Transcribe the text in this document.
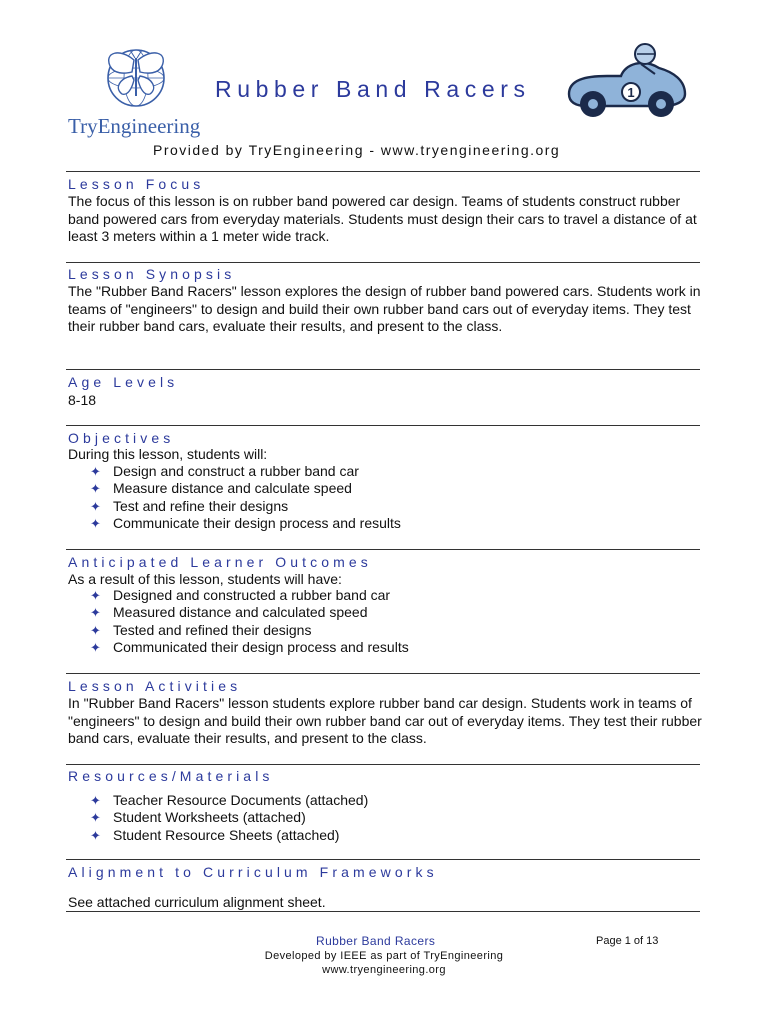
TryEngineering
Rubber Band Racers	1
Provided by TryEngineering - www.tryengineering.org
Lesson Focus
The focus of this lesson is on rubber band powered car design. Teams of students construct rubber band powered cars from everyday materials. Students must design their cars to travel a distance of at least 3 meters within a 1 meter wide track.
Lesson Synopsis
The "Rubber Band Racers" lesson explores the design of rubber band powered cars. Students work in teams of "engineers" to design and build their own rubber band cars out of everyday items. They test their rubber band cars, evaluate their results, and present to the class.
Age Levels
8-18
Objectives
During this lesson, students will:
✦ Design and construct a rubber band car
✦ Measure distance and calculate speed
✦ Test and refine their designs
✦ Communicate their design process and results
Anticipated Learner Outcomes
As a result of this lesson, students will have:
✦ Designed and constructed a rubber band car
✦ Measured distance and calculated speed
✦ Tested and refined their designs
✦ Communicated their design process and results
Lesson Activities
In "Rubber Band Racers" lesson students explore rubber band car design. Students work in teams of "engineers" to design and build their own rubber band car out of everyday items. They test their rubber band cars, evaluate their results, and present to the class.
Resources/Materials
✦ Teacher Resource Documents (attached)
✦ Student Worksheets (attached)
✦ Student Resource Sheets (attached)
Alignment to Curriculum Frameworks
See attached curriculum alignment sheet.
Rubber Band Racers	Page 1 of 13
Developed by IEEE as part of TryEngineering
www.tryengineering.org
